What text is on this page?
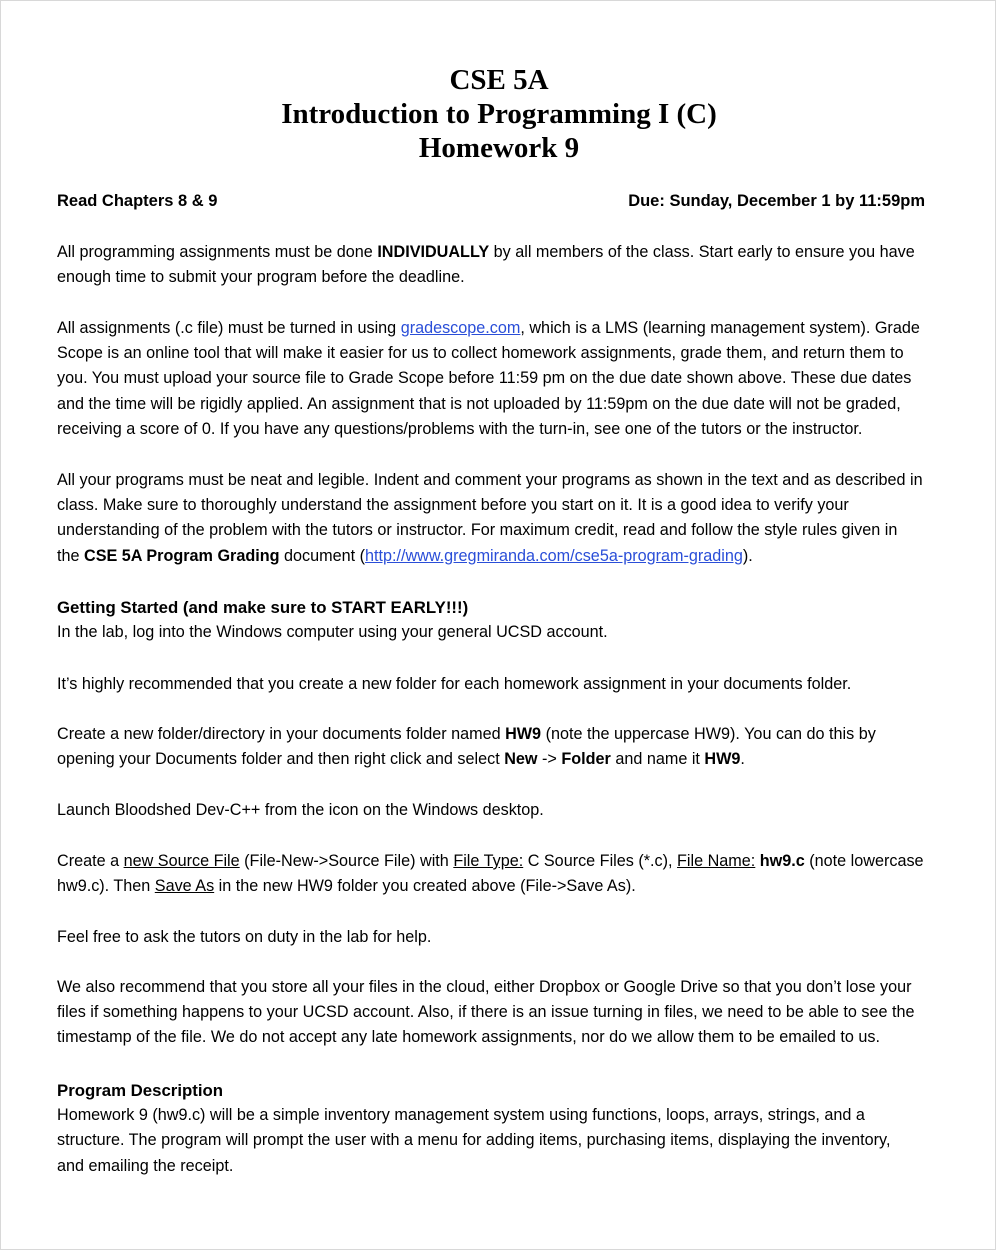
CSE 5A
Introduction to Programming I (C)
Homework 9
Read Chapters 8 & 9	Due: Sunday, December 1 by 11:59pm
All programming assignments must be done INDIVIDUALLY by all members of the class. Start early to ensure you have
enough time to submit your program before the deadline.
All assignments (.c file) must be turned in using gradescope.com, which is a LMS (learning management system). Grade
Scope is an online tool that will make it easier for us to collect homework assignments, grade them, and return them to
you. You must upload your source file to Grade Scope before 11:59 pm on the due date shown above. These due dates
and the time will be rigidly applied. An assignment that is not uploaded by 11:59pm on the due date will not be graded,
receiving a score of 0. If you have any questions/problems with the turn-in, see one of the tutors or the instructor.
All your programs must be neat and legible. Indent and comment your programs as shown in the text and as described in
class. Make sure to thoroughly understand the assignment before you start on it. It is a good idea to verify your
understanding of the problem with the tutors or instructor. For maximum credit, read and follow the style rules given in
the CSE 5A Program Grading document (http://www.gregmiranda.com/cse5a-program-grading).
Getting Started (and make sure to START EARLY!!!)
In the lab, log into the Windows computer using your general UCSD account.
It’s highly recommended that you create a new folder for each homework assignment in your documents folder.
Create a new folder/directory in your documents folder named HW9 (note the uppercase HW9). You can do this by
opening your Documents folder and then right click and select New -> Folder and name it HW9.
Launch Bloodshed Dev-C++ from the icon on the Windows desktop.
Create a new Source File (File-New->Source File) with File Type: C Source Files (*.c), File Name: hw9.c (note lowercase
hw9.c). Then Save As in the new HW9 folder you created above (File->Save As).
Feel free to ask the tutors on duty in the lab for help.
We also recommend that you store all your files in the cloud, either Dropbox or Google Drive so that you don’t lose your
files if something happens to your UCSD account. Also, if there is an issue turning in files, we need to be able to see the
timestamp of the file. We do not accept any late homework assignments, nor do we allow them to be emailed to us.
Program Description
Homework 9 (hw9.c) will be a simple inventory management system using functions, loops, arrays, strings, and a
structure. The program will prompt the user with a menu for adding items, purchasing items, displaying the inventory,
and emailing the receipt.
